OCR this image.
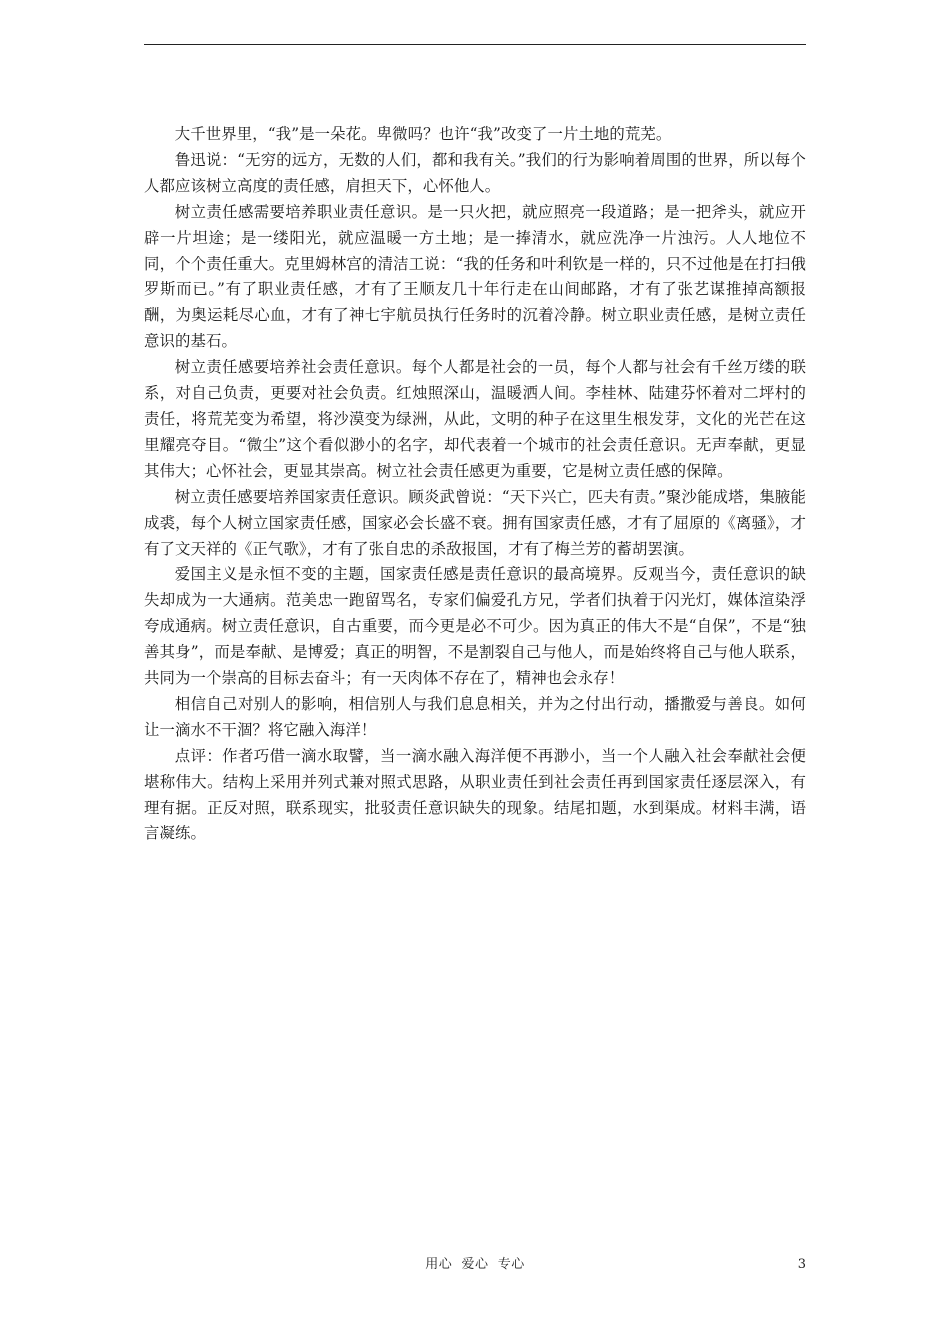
大千世界里，“我”是一朵花。卑微吗？也许“我”改变了一片土地的荒芜。

鲁迅说：“无穷的远方，无数的人们，都和我有关。”我们的行为影响着周围的世界，所以每个人都应该树立高度的责任感，肩担天下，心怀他人。

树立责任感需要培养职业责任意识。是一只火把，就应照亮一段道路；是一把斧头，就应开辟一片坦途；是一缕阳光，就应温暖一方土地；是一捧清水，就应洗净一片浊污。人人地位不同，个个责任重大。克里姆林宫的清洁工说：“我的任务和叶利钦是一样的，只不过他是在打扫俄罗斯而已。”有了职业责任感，才有了王顺友几十年行走在山间邮路，才有了张艺谋推掉高额报酬，为奥运耗尽心血，才有了神七宇航员执行任务时的沉着冷静。树立职业责任感，是树立责任意识的基石。

树立责任感要培养社会责任意识。每个人都是社会的一员，每个人都与社会有千丝万缕的联系，对自己负责，更要对社会负责。红烛照深山，温暖洒人间。李桂林、陆建芬怀着对二坪村的责任，将荒芜变为希望，将沙漠变为绿洲，从此，文明的种子在这里生根发芽，文化的光芒在这里耀亮夺目。“微尘”这个看似渺小的名字，却代表着一个城市的社会责任意识。无声奉献，更显其伟大；心怀社会，更显其崇高。树立社会责任感更为重要，它是树立责任感的保障。

树立责任感要培养国家责任意识。顾炎武曾说：“天下兴亡，匹夫有责。”聚沙能成塔，集腋能成裘，每个人树立国家责任感，国家必会长盛不衰。拥有国家责任感，才有了屈原的《离骚》，才有了文天祥的《正气歌》，才有了张自忠的杀敌报国，才有了梅兰芳的蓄胡罢演。

爱国主义是永恒不变的主题，国家责任感是责任意识的最高境界。反观当今，责任意识的缺失却成为一大通病。范美忠一跑留骂名，专家们偏爱孔方兄，学者们执着于闪光灯，媒体渲染浮夸成通病。树立责任意识，自古重要，而今更是必不可少。因为真正的伟大不是“自保”，不是“独善其身”，而是奉献、是博爱；真正的明智，不是割裂自己与他人，而是始终将自己与他人联系，共同为一个崇高的目标去奋斗；有一天肉体不存在了，精神也会永存！

相信自己对别人的影响，相信别人与我们息息相关，并为之付出行动，播撒爱与善良。如何让一滴水不干涸？将它融入海洋！

点评：作者巧借一滴水取譬，当一滴水融入海洋便不再渺小，当一个人融入社会奉献社会便堪称伟大。结构上采用并列式兼对照式思路，从职业责任到社会责任再到国家责任逐层深入，有理有据。正反对照，联系现实，批驳责任意识缺失的现象。结尾扣题，水到渠成。材料丰满，语言凝练。

用心  爱心  专心	3
